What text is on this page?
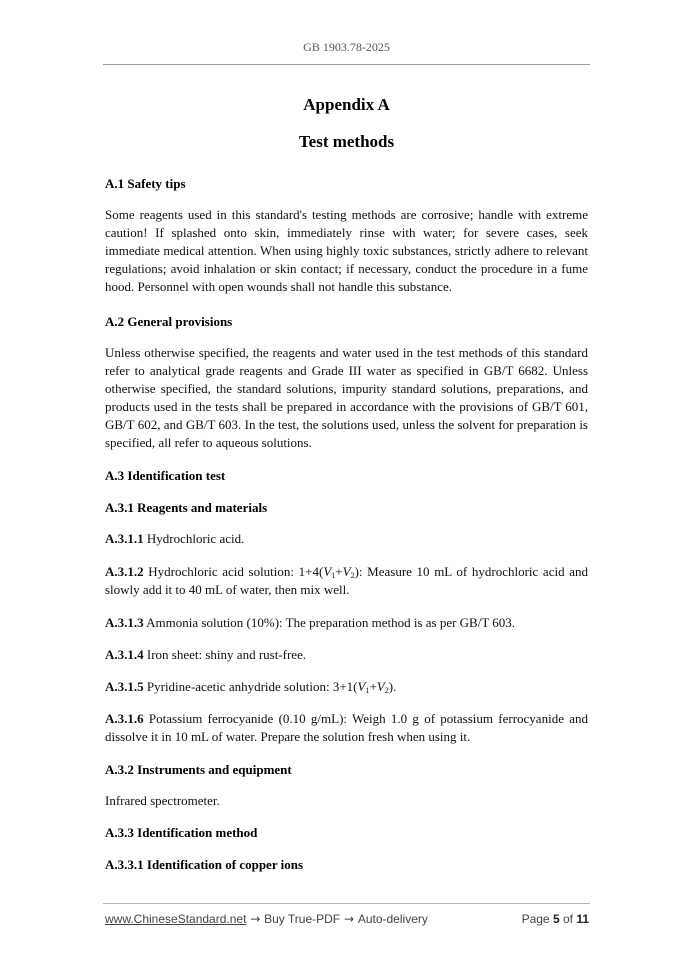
GB 1903.78-2025
Appendix A
Test methods
A.1 Safety tips
Some reagents used in this standard's testing methods are corrosive; handle with extreme caution! If splashed onto skin, immediately rinse with water; for severe cases, seek immediate medical attention. When using highly toxic substances, strictly adhere to relevant regulations; avoid inhalation or skin contact; if necessary, conduct the procedure in a fume hood. Personnel with open wounds shall not handle this substance.
A.2 General provisions
Unless otherwise specified, the reagents and water used in the test methods of this standard refer to analytical grade reagents and Grade III water as specified in GB/T 6682. Unless otherwise specified, the standard solutions, impurity standard solutions, preparations, and products used in the tests shall be prepared in accordance with the provisions of GB/T 601, GB/T 602, and GB/T 603. In the test, the solutions used, unless the solvent for preparation is specified, all refer to aqueous solutions.
A.3 Identification test
A.3.1 Reagents and materials
A.3.1.1 Hydrochloric acid.
A.3.1.2 Hydrochloric acid solution: $1+4(V_1+V_2)$: Measure 10 mL of hydrochloric acid and slowly add it to 40 mL of water, then mix well.
A.3.1.3 Ammonia solution (10%): The preparation method is as per GB/T 603.
A.3.1.4 Iron sheet: shiny and rust-free.
A.3.1.5 Pyridine-acetic anhydride solution: $3+1(V_1+V_2)$.
A.3.1.6 Potassium ferrocyanide (0.10 g/mL): Weigh 1.0 g of potassium ferrocyanide and dissolve it in 10 mL of water. Prepare the solution fresh when using it.
A.3.2 Instruments and equipment
Infrared spectrometer.
A.3.3 Identification method
A.3.3.1 Identification of copper ions
www.ChineseStandard.net → Buy True-PDF → Auto-delivery	Page 5 of 11
